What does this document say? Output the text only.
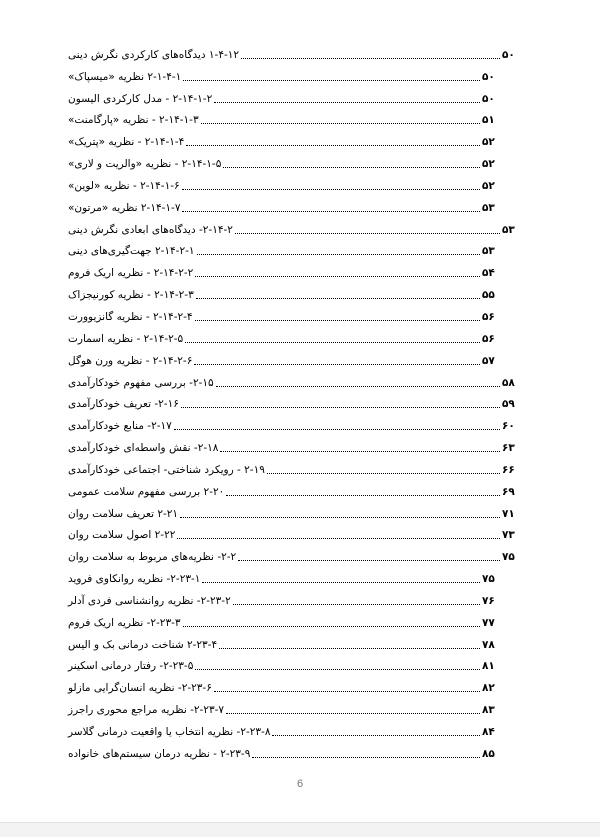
۱-۴-۱۲ دیدگاه‌های کارکردی نگرش دینی	۵۰
۲-۱-۴-۱ نظریه «میسپاک»	۵۰
۲-۱۴-۱-۲ - مدل کارکردی الیسون	۵۰
۲-۱۴-۱-۳ - نظریه «پارگامنت»	۵۱
۲-۱۴-۱-۴ - نظریه «پتریک»	۵۲
۲-۱۴-۱-۵ - نظریه «والریت و لاری»	۵۲
۲-۱۴-۱-۶ - نظریه «لوین»	۵۲
۲-۱۴-۱-۷ نظریه «مرتون»	۵۳
۲-۱۴-۲- دیدگاه‌های ابعادی نگرش دینی	۵۳
۲-۱۴-۲-۱ جهت‌گیری‌های دینی	۵۳
۲-۱۴-۲-۲ - نظریه اریک فروم	۵۴
۲-۱۴-۲-۳ - نظریه کورنیجزاک	۵۵
۲-۱۴-۲-۴ - نظریه گانزیوورت	۵۶
۲-۱۴-۲-۵ - نظریه اسمارت	۵۶
۲-۱۴-۲-۶ - نظریه ورن هوگل	۵۷
۲-۱۵- بررسی مفهوم خودکارآمدی	۵۸
۲-۱۶- تعریف خودکارآمدی	۵۹
۲-۱۷- منابع خودکارآمدی	۶۰
۲-۱۸- نقش واسطه‌ای خودکارآمدی	۶۳
۲-۱۹ - رویکرد شناختی- اجتماعی خودکارآمدی	۶۶
۲-۲۰ بررسی مفهوم سلامت عمومی	۶۹
۲-۲۱ تعریف سلامت روان	۷۱
۲-۲۲ اصول سلامت روان	۷۳
۲-۲- نظریه‌های مربوط به سلامت روان	۷۵
۲-۲۳-۱- نظریه روانکاوی فروید	۷۵
۲-۲۳-۲- نظریه روانشناسی فردی آدلر	۷۶
۲-۲۳-۳- نظریه اریک فروم	۷۷
۲-۲۳-۴ شناخت درمانی بک و الیس	۷۸
۲-۲۳-۵- رفتار درمانی اسکینر	۸۱
۲-۲۳-۶- نظریه انسان‌گرایی مازلو	۸۲
۲-۲۳-۷- نظریه مراجع محوری راجرز	۸۳
۲-۲۳-۸- نظریه انتخاب یا واقعیت درمانی گلاسر	۸۴
۲-۲۳-۹ - نظریه درمان سیستم‌های خانواده	۸۵
6
